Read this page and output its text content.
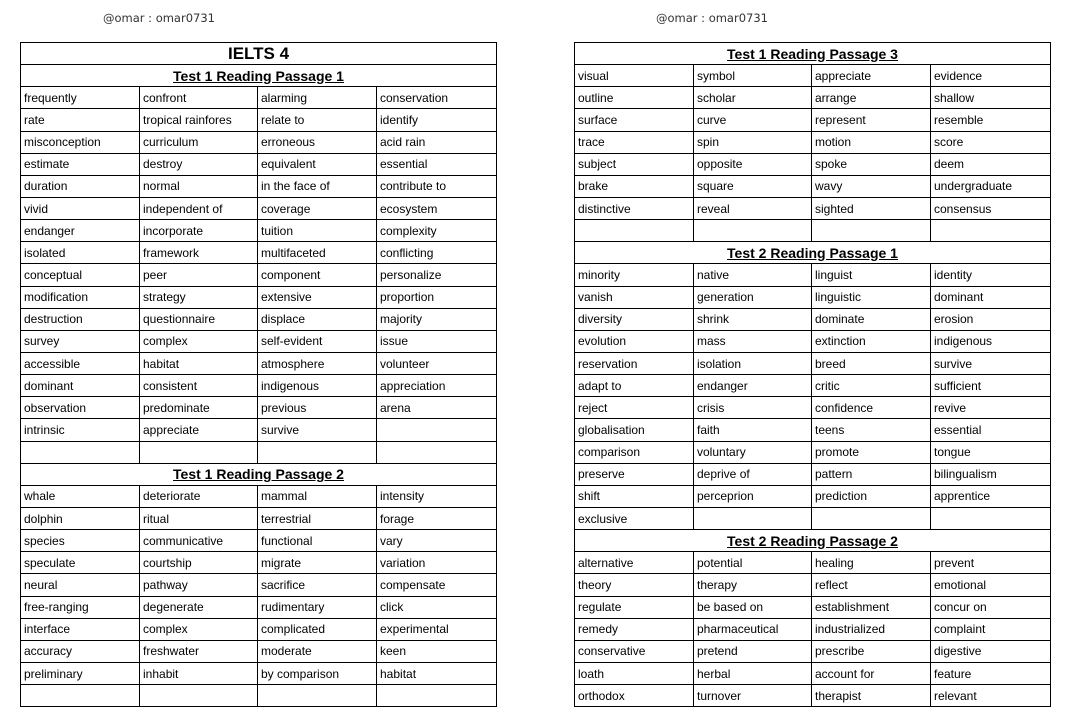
@omar : omar0731	@omar : omar0731
IELTS 4			
Test 1 Reading Passage 1			
frequently	confront	alarming	conservation
rate	tropical rainfores	relate to	identify
misconception	curriculum	erroneous	acid rain
estimate	destroy	equivalent	essential
duration	normal	in the face of	contribute to
vivid	independent of	coverage	ecosystem
endanger	incorporate	tuition	complexity
isolated	framework	multifaceted	conflicting
conceptual	peer	component	personalize
modification	strategy	extensive	proportion
destruction	questionnaire	displace	majority
survey	complex	self-evident	issue
accessible	habitat	atmosphere	volunteer
dominant	consistent	indigenous	appreciation
observation	predominate	previous	arena
intrinsic	appreciate	survive	

Test 1 Reading Passage 2			
whale	deteriorate	mammal	intensity
dolphin	ritual	terrestrial	forage
species	communicative	functional	vary
speculate	courtship	migrate	variation
neural	pathway	sacrifice	compensate
free-ranging	degenerate	rudimentary	click
interface	complex	complicated	experimental
accuracy	freshwater	moderate	keen
preliminary	inhabit	by comparison	habitat

Test 1 Reading Passage 3			
visual	symbol	appreciate	evidence
outline	scholar	arrange	shallow
surface	curve	represent	resemble
trace	spin	motion	score
subject	opposite	spoke	deem
brake	square	wavy	undergraduate
distinctive	reveal	sighted	consensus

Test 2 Reading Passage 1			
minority	native	linguist	identity
vanish	generation	linguistic	dominant
diversity	shrink	dominate	erosion
evolution	mass	extinction	indigenous
reservation	isolation	breed	survive
adapt to	endanger	critic	sufficient
reject	crisis	confidence	revive
globalisation	faith	teens	essential
comparison	voluntary	promote	tongue
preserve	deprive of	pattern	bilingualism
shift	perceprion	prediction	apprentice
exclusive			
Test 2 Reading Passage 2			
alternative	potential	healing	prevent
theory	therapy	reflect	emotional
regulate	be based on	establishment	concur on
remedy	pharmaceutical	industrialized	complaint
conservative	pretend	prescribe	digestive
loath	herbal	account for	feature
orthodox	turnover	therapist	relevant
